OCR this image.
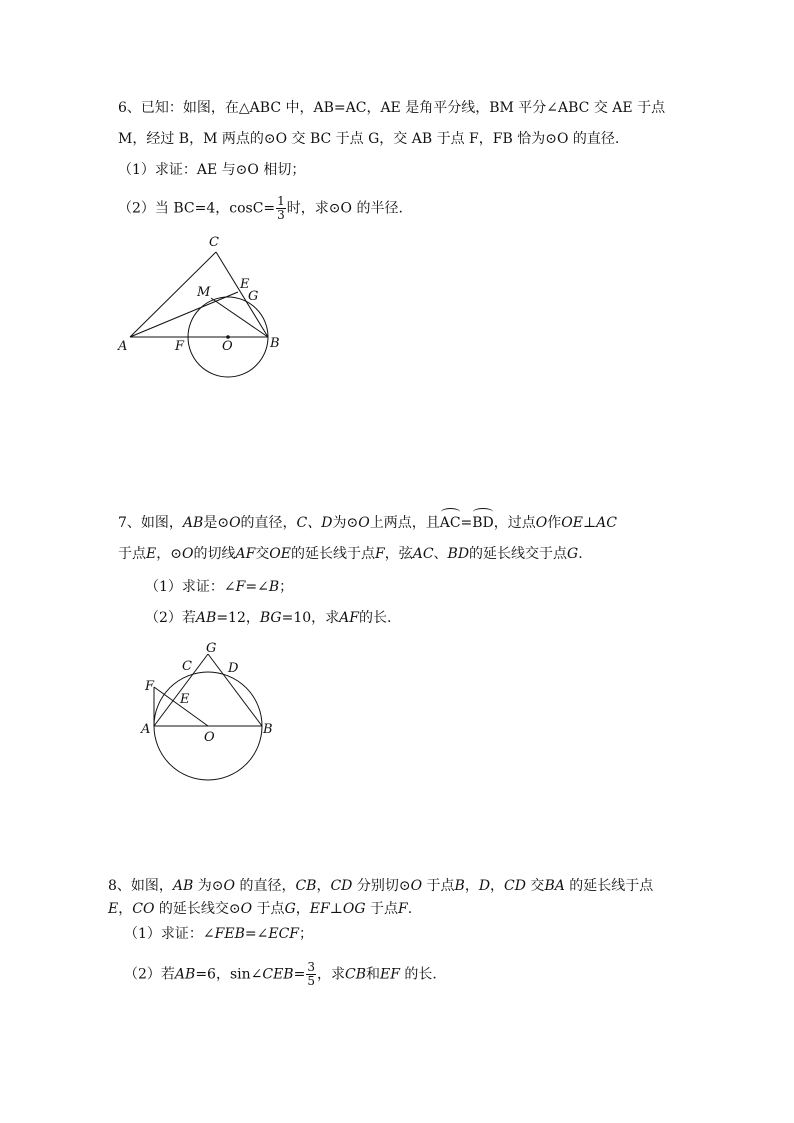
6、已知：如图，在△ABC 中，AB=AC，AE 是角平分线，BM 平分∠ABC 交 AE 于点
M，经过 B，M 两点的⊙O 交 BC 于点 G，交 AB 于点 F，FB 恰为⊙O 的直径.
（1）求证：AE 与⊙O 相切；
（2）当 BC=4，$\cos C= \frac{1}{3}$ 时，求⊙O 的半径.
C
E
M	G
A	F	O	B
7、如图，AB是⊙O的直径，C、D为⊙O上两点，且AC=BD，过点O作OE⊥AC
于点E，⊙O的切线AF交OE的延长线于点F，弦AC、BD的延长线交于点G.
（1）求证：∠F=∠B；
（2）若AB=12，BG=10，求AF的长.
G
C	D
F
E
A
O
B
8、如图，AB 为⊙O 的直径，CB，CD 分别切⊙O 于点B，D，CD 交BA 的延长线于点
E，CO 的延长线交⊙O 于点G，EF⊥OG 于点F.
（1）求证：∠FEB=∠ECF；
（2）若AB=6，sin∠CEB= $\frac{3}{5}$ ，求CB和EF 的长.
